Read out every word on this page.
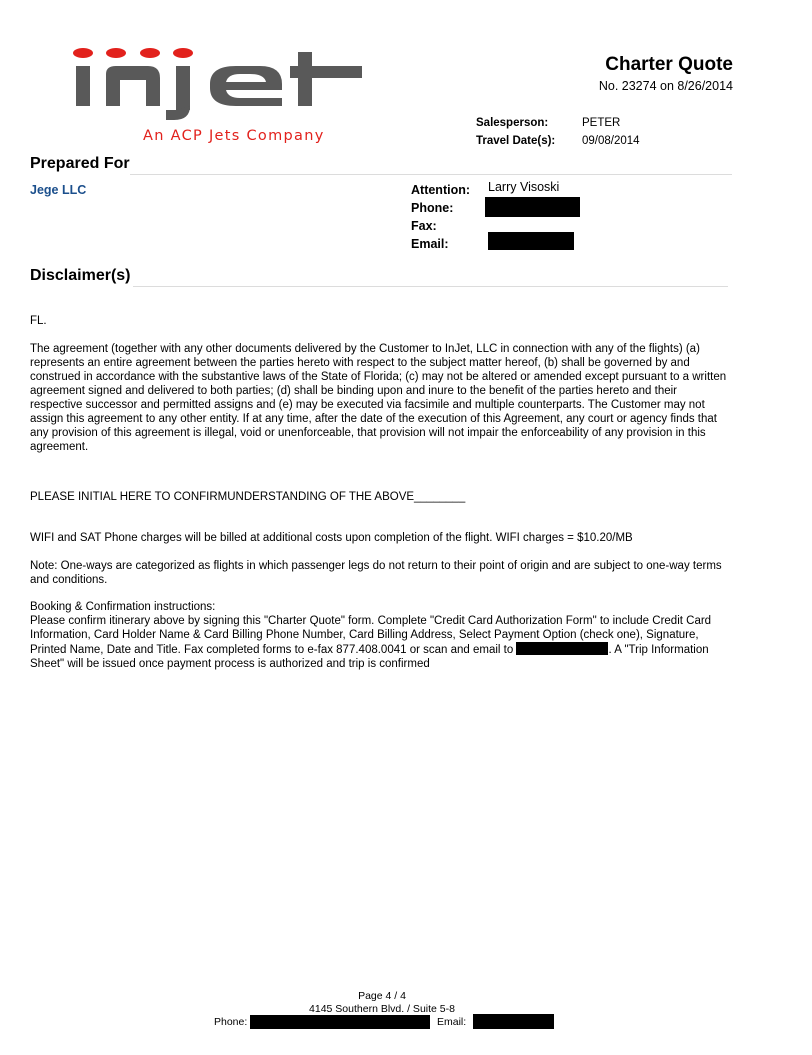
An ACP Jets Company
Charter Quote
No. 23274 on 8/26/2014
Salesperson:	PETER
Travel Date(s): 09/08/2014
Prepared For
Jege LLC	Attention: Larry Visoski
Phone:
Fax:
Email:
Disclaimer(s)
FL.
The agreement (together with any other documents delivered by the Customer to InJet, LLC in connection with any of the flights) (a) represents an entire agreement between the parties hereto with respect to the subject matter hereof, (b) shall be governed by and construed in accordance with the substantive laws of the State of Florida; (c) may not be altered or amended except pursuant to a written agreement signed and delivered to both parties; (d) shall be binding upon and inure to the benefit of the parties hereto and their respective successor and permitted assigns and (e) may be executed via facsimile and multiple counterparts. The Customer may not assign this agreement to any other entity. If at any time, after the date of the execution of this Agreement, any court or agency finds that any provision of this agreement is illegal, void or unenforceable, that provision will not impair the enforceability of any provision in this agreement.
PLEASE INITIAL HERE TO CONFIRMUNDERSTANDING OF THE ABOVE________
WIFI and SAT Phone charges will be billed at additional costs upon completion of the flight. WIFI charges = $10.20/MB
Note: One-ways are categorized as flights in which passenger legs do not return to their point of origin and are subject to one-way terms and conditions.
Booking & Confirmation instructions:
Please confirm itinerary above by signing this "Charter Quote" form. Complete "Credit Card Authorization Form" to include Credit Card Information, Card Holder Name & Card Billing Phone Number, Card Billing Address, Select Payment Option (check one), Signature, Printed Name, Date and Title. Fax completed forms to e-fax 877.408.0041 or scan and email to	. A "Trip Information Sheet" will be issued once payment process is authorized and trip is confirmed
Page 4 / 4
4145 Southern Blvd. / Suite 5-8
Phone:	Email:
